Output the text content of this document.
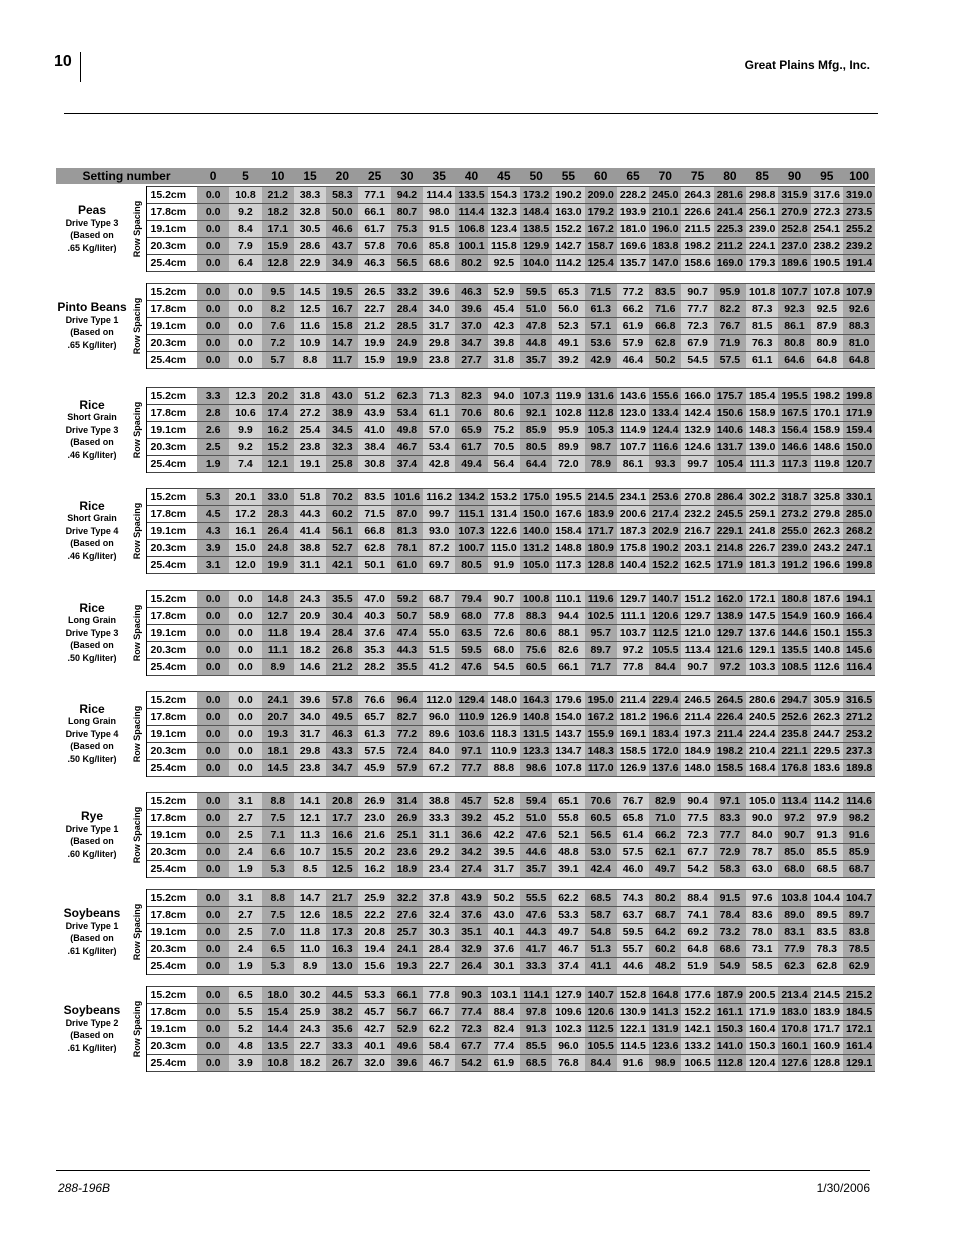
10	Great Plains Mfg., Inc.
Setting number	0	5	10	15	20	25	30	35	40	45	50	55	60	65	70	75	80	85	90	95	100
Peas
Drive Type 3
(Based on
.65 Kg/liter)	Row Spacing	15.2cm	0.0	10.8	21.2	38.3	58.3	77.1	94.2	114.4	133.5	154.3	173.2	190.2	209.0	228.2	245.0	264.3	281.6	298.8	315.9	317.6	319.0
		17.8cm	0.0	9.2	18.2	32.8	50.0	66.1	80.7	98.0	114.4	132.3	148.4	163.0	179.2	193.9	210.1	226.6	241.4	256.1	270.9	272.3	273.5
		19.1cm	0.0	8.4	17.1	30.5	46.6	61.7	75.3	91.5	106.8	123.4	138.5	152.2	167.2	181.0	196.0	211.5	225.3	239.0	252.8	254.1	255.2
		20.3cm	0.0	7.9	15.9	28.6	43.7	57.8	70.6	85.8	100.1	115.8	129.9	142.7	158.7	169.6	183.8	198.2	211.2	224.1	237.0	238.2	239.2
		25.4cm	0.0	6.4	12.8	22.9	34.9	46.3	56.5	68.6	80.2	92.5	104.0	114.2	125.4	135.7	147.0	158.6	169.0	179.3	189.6	190.5	191.4
Pinto Beans
Drive Type 1
(Based on
.65 Kg/liter)	Row Spacing	15.2cm	0.0	0.0	9.5	14.5	19.5	26.5	33.2	39.6	46.3	52.9	59.5	65.3	71.5	77.2	83.5	90.7	95.9	101.8	107.7	107.8	107.9
		17.8cm	0.0	0.0	8.2	12.5	16.7	22.7	28.4	34.0	39.6	45.4	51.0	56.0	61.3	66.2	71.6	77.7	82.2	87.3	92.3	92.5	92.6
		19.1cm	0.0	0.0	7.6	11.6	15.8	21.2	28.5	31.7	37.0	42.3	47.8	52.3	57.1	61.9	66.8	72.3	76.7	81.5	86.1	87.9	88.3
		20.3cm	0.0	0.0	7.2	10.9	14.7	19.9	24.9	29.8	34.7	39.8	44.8	49.1	53.6	57.9	62.8	67.9	71.9	76.3	80.8	80.9	81.0
		25.4cm	0.0	0.0	5.7	8.8	11.7	15.9	19.9	23.8	27.7	31.8	35.7	39.2	42.9	46.4	50.2	54.5	57.5	61.1	64.6	64.8	64.8
Rice
Short Grain
Drive Type 3
(Based on
.46 Kg/liter)	Row Spacing	15.2cm	3.3	12.3	20.2	31.8	43.0	51.2	62.3	71.3	82.3	94.0	107.3	119.9	131.6	143.6	155.6	166.0	175.7	185.4	195.5	198.2	199.8
		17.8cm	2.8	10.6	17.4	27.2	38.9	43.9	53.4	61.1	70.6	80.6	92.1	102.8	112.8	123.0	133.4	142.4	150.6	158.9	167.5	170.1	171.9
		19.1cm	2.6	9.9	16.2	25.4	34.5	41.0	49.8	57.0	65.9	75.2	85.9	95.9	105.3	114.9	124.4	132.9	140.6	148.3	156.4	158.9	159.4
		20.3cm	2.5	9.2	15.2	23.8	32.3	38.4	46.7	53.4	61.7	70.5	80.5	89.9	98.7	107.7	116.6	124.6	131.7	139.0	146.6	148.6	150.0
		25.4cm	1.9	7.4	12.1	19.1	25.8	30.8	37.4	42.8	49.4	56.4	64.4	72.0	78.9	86.1	93.3	99.7	105.4	111.3	117.3	119.8	120.7
Rice
Short Grain
Drive Type 4
(Based on
.46 Kg/liter)	Row Spacing	15.2cm	5.3	20.1	33.0	51.8	70.2	83.5	101.6	116.2	134.2	153.2	175.0	195.5	214.5	234.1	253.6	270.8	286.4	302.2	318.7	325.8	330.1
		17.8cm	4.5	17.2	28.3	44.3	60.2	71.5	87.0	99.7	115.1	131.4	150.0	167.6	183.9	200.6	217.4	232.2	245.5	259.1	273.2	279.8	285.0
		19.1cm	4.3	16.1	26.4	41.4	56.1	66.8	81.3	93.0	107.3	122.6	140.0	158.4	171.7	187.3	202.9	216.7	229.1	241.8	255.0	262.3	268.2
		20.3cm	3.9	15.0	24.8	38.8	52.7	62.8	78.1	87.2	100.7	115.0	131.2	148.8	180.9	175.8	190.2	203.1	214.8	226.7	239.0	243.2	247.1
		25.4cm	3.1	12.0	19.9	31.1	42.1	50.1	61.0	69.7	80.5	91.9	105.0	117.3	128.8	140.4	152.2	162.5	171.9	181.3	191.2	196.6	199.8
Rice
Long Grain
Drive Type 3
(Based on
.50 Kg/liter)	Row Spacing	15.2cm	0.0	0.0	14.8	24.3	35.5	47.0	59.2	68.7	79.4	90.7	100.8	110.1	119.6	129.7	140.7	151.2	162.0	172.1	180.8	187.6	194.1
		17.8cm	0.0	0.0	12.7	20.9	30.4	40.3	50.7	58.9	68.0	77.8	88.3	94.4	102.5	111.1	120.6	129.7	138.9	147.5	154.9	160.9	166.4
		19.1cm	0.0	0.0	11.8	19.4	28.4	37.6	47.4	55.0	63.5	72.6	80.6	88.1	95.7	103.7	112.5	121.0	129.7	137.6	144.6	150.1	155.3
		20.3cm	0.0	0.0	11.1	18.2	26.8	35.3	44.3	51.5	59.5	68.0	75.6	82.6	89.7	97.2	105.5	113.4	121.6	129.1	135.5	140.8	145.6
		25.4cm	0.0	0.0	8.9	14.6	21.2	28.2	35.5	41.2	47.6	54.5	60.5	66.1	71.7	77.8	84.4	90.7	97.2	103.3	108.5	112.6	116.4
Rice
Long Grain
Drive Type 4
(Based on
.50 Kg/liter)	Row Spacing	15.2cm	0.0	0.0	24.1	39.6	57.8	76.6	96.4	112.0	129.4	148.0	164.3	179.6	195.0	211.4	229.4	246.5	264.5	280.6	294.7	305.9	316.5
		17.8cm	0.0	0.0	20.7	34.0	49.5	65.7	82.7	96.0	110.9	126.9	140.8	154.0	167.2	181.2	196.6	211.4	226.4	240.5	252.6	262.3	271.2
		19.1cm	0.0	0.0	19.3	31.7	46.3	61.3	77.2	89.6	103.6	118.3	131.5	143.7	155.9	169.1	183.4	197.3	211.4	224.4	235.8	244.7	253.2
		20.3cm	0.0	0.0	18.1	29.8	43.3	57.5	72.4	84.0	97.1	110.9	123.3	134.7	148.3	158.5	172.0	184.9	198.2	210.4	221.1	229.5	237.3
		25.4cm	0.0	0.0	14.5	23.8	34.7	45.9	57.9	67.2	77.7	88.8	98.6	107.8	117.0	126.9	137.6	148.0	158.5	168.4	176.8	183.6	189.8
Rye
Drive Type 1
(Based on
.60 Kg/liter)	Row Spacing	15.2cm	0.0	3.1	8.8	14.1	20.8	26.9	31.4	38.8	45.7	52.8	59.4	65.1	70.6	76.7	82.9	90.4	97.1	105.0	113.4	114.2	114.6
		17.8cm	0.0	2.7	7.5	12.1	17.7	23.0	26.9	33.3	39.2	45.2	51.0	55.8	60.5	65.8	71.0	77.5	83.3	90.0	97.2	97.9	98.2
		19.1cm	0.0	2.5	7.1	11.3	16.6	21.6	25.1	31.1	36.6	42.2	47.6	52.1	56.5	61.4	66.2	72.3	77.7	84.0	90.7	91.3	91.6
		20.3cm	0.0	2.4	6.6	10.7	15.5	20.2	23.6	29.2	34.2	39.5	44.6	48.8	53.0	57.5	62.1	67.7	72.9	78.7	85.0	85.5	85.9
		25.4cm	0.0	1.9	5.3	8.5	12.5	16.2	18.9	23.4	27.4	31.7	35.7	39.1	42.4	46.0	49.7	54.2	58.3	63.0	68.0	68.5	68.7
Soybeans
Drive Type 1
(Based on
.61 Kg/liter)	Row Spacing	15.2cm	0.0	3.1	8.8	14.7	21.7	25.9	32.2	37.8	43.9	50.2	55.5	62.2	68.5	74.3	80.2	88.4	91.5	97.6	103.8	104.4	104.7
		17.8cm	0.0	2.7	7.5	12.6	18.5	22.2	27.6	32.4	37.6	43.0	47.6	53.3	58.7	63.7	68.7	74.1	78.4	83.6	89.0	89.5	89.7
		19.1cm	0.0	2.5	7.0	11.8	17.3	20.8	25.7	30.3	35.1	40.1	44.3	49.7	54.8	59.5	64.2	69.2	73.2	78.0	83.1	83.5	83.8
		20.3cm	0.0	2.4	6.5	11.0	16.3	19.4	24.1	28.4	32.9	37.6	41.7	46.7	51.3	55.7	60.2	64.8	68.6	73.1	77.9	78.3	78.5
		25.4cm	0.0	1.9	5.3	8.9	13.0	15.6	19.3	22.7	26.4	30.1	33.3	37.4	41.1	44.6	48.2	51.9	54.9	58.5	62.3	62.8	62.9
Soybeans
Drive Type 2
(Based on
.61 Kg/liter)	Row Spacing	15.2cm	0.0	6.5	18.0	30.2	44.5	53.3	66.1	77.8	90.3	103.1	114.1	127.9	140.7	152.8	164.8	177.6	187.9	200.5	213.4	214.5	215.2
		17.8cm	0.0	5.5	15.4	25.9	38.2	45.7	56.7	66.7	77.4	88.4	97.8	109.6	120.6	130.9	141.3	152.2	161.1	171.9	183.0	183.9	184.5
		19.1cm	0.0	5.2	14.4	24.3	35.6	42.7	52.9	62.2	72.3	82.4	91.3	102.3	112.5	122.1	131.9	142.1	150.3	160.4	170.8	171.7	172.1
		20.3cm	0.0	4.8	13.5	22.7	33.3	40.1	49.6	58.4	67.7	77.4	85.5	96.0	105.5	114.5	123.6	133.2	141.0	150.3	160.1	160.9	161.4
		25.4cm	0.0	3.9	10.8	18.2	26.7	32.0	39.6	46.7	54.2	61.9	68.5	76.8	84.4	91.6	98.9	106.5	112.8	120.4	127.6	128.8	129.1
288-196B	1/30/2006
